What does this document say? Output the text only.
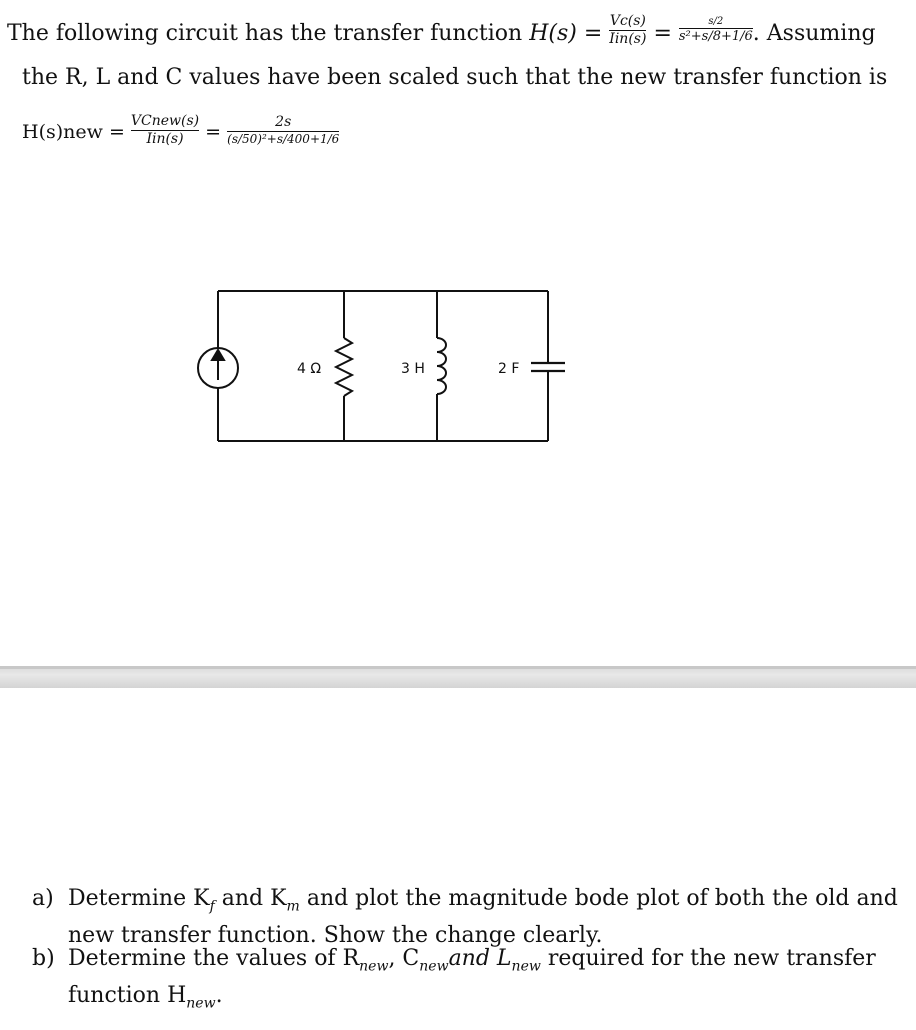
The following circuit has the transfer function $H(s) = \frac{Vc(s)}{\text{Iin(s)}} = \frac{s/2}{\text{s²+s/8+1/6}}$ . Assuming
the R, L and C values have been scaled such that the new transfer function is
$H(s)new = \frac{\text{VCnew(s)}}{\text{Iin(s)}} = \frac{2s}{\text{(s/50)²+s/400+1/6}}$
4 Ω	3 H	2 F
a) Determine $K_f$ and $K_m$ and plot the magnitude bode plot of both the old and
new transfer function. Show the change clearly.
b) Determine the values of $R_{new}$, $C_{new}and$ $L_{new}$ required for the new transfer
function $H_{new}$.
